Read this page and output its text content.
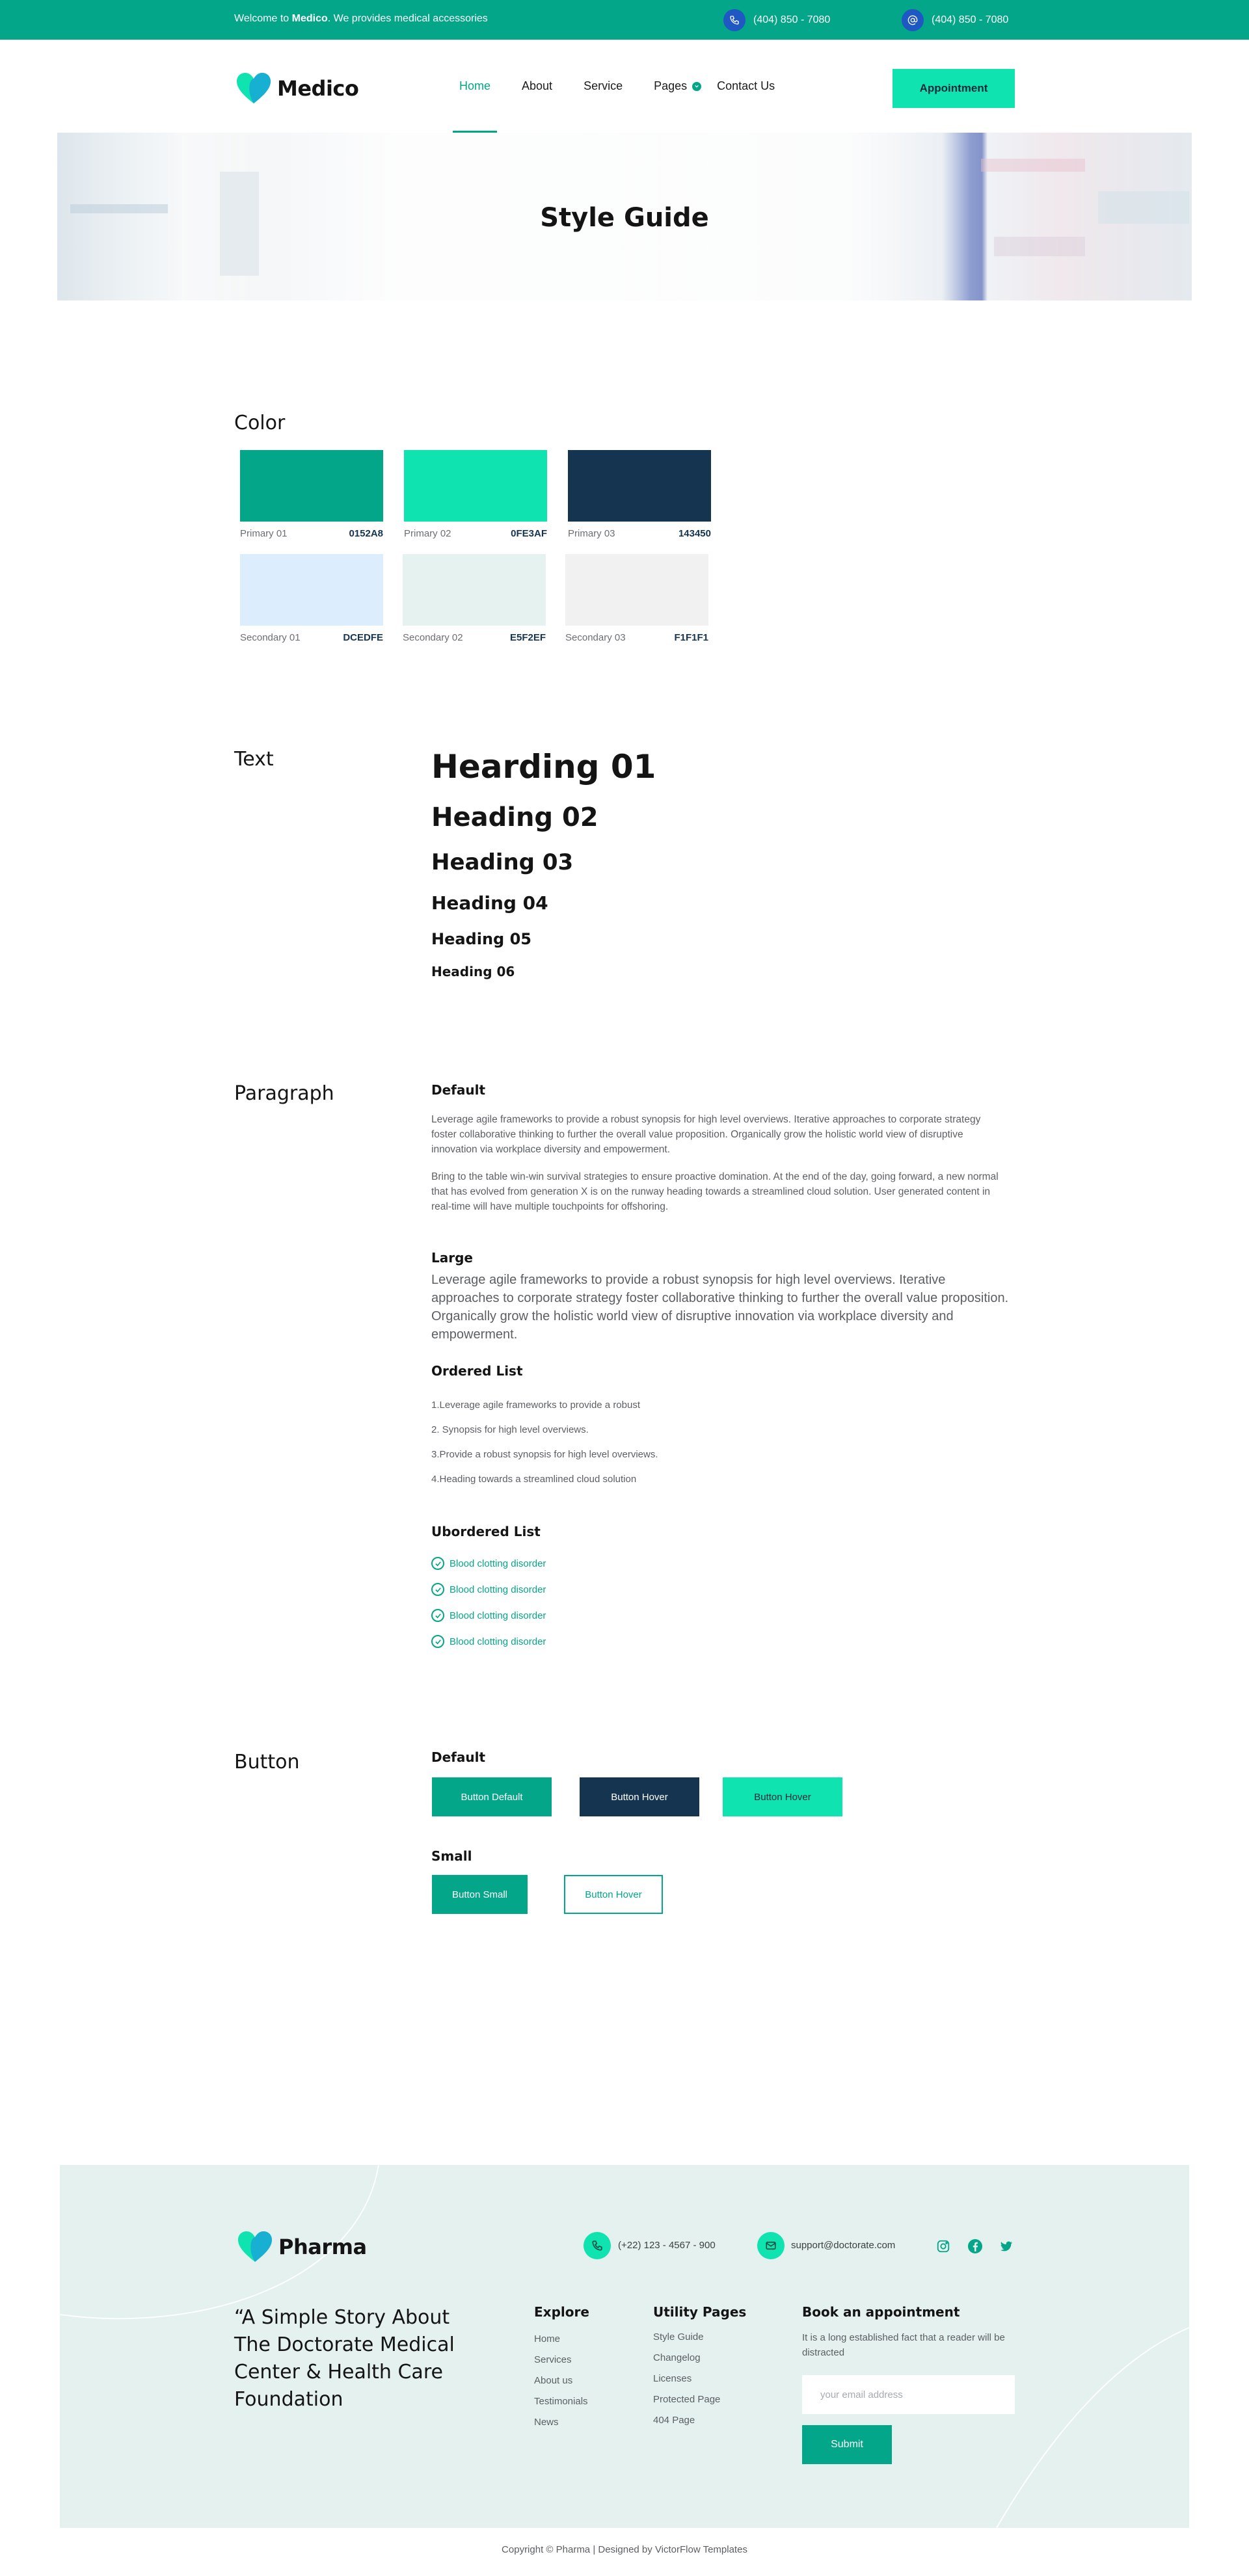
Welcome to Medico. We provides medical accessories	(404) 850 - 7080	(404) 850 - 7080
Medico	Home	About	Service	Pages	Contact Us	Appointment
Style Guide
Color
Primary 01	0152A8 Primary 02	0FE3AF Primary 03	143450
Secondary 01	DCEDFE Secondary 02	E5F2EF Secondary 03	F1F1F1
Text	Hearding 01
Heading 02
Heading 03
Heading 04
Heading 05
Heading 06
Paragraph	Default
Leverage agile frameworks to provide a robust synopsis for high level overviews. Iterative approaches to corporate strategy foster collaborative thinking to further the overall value proposition. Organically grow the holistic world view of disruptive innovation via workplace diversity and empowerment.
Bring to the table win-win survival strategies to ensure proactive domination. At the end of the day, going forward, a new normal that has evolved from generation X is on the runway heading towards a streamlined cloud solution. User generated content in real-time will have multiple touchpoints for offshoring.
Large
Leverage agile frameworks to provide a robust synopsis for high level overviews. Iterative approaches to corporate strategy foster collaborative thinking to further the overall value proposition. Organically grow the holistic world view of disruptive innovation via workplace diversity and empowerment.
Ordered List
1.Leverage agile frameworks to provide a robust
2. Synopsis for high level overviews.
3.Provide a robust synopsis for high level overviews.
4.Heading towards a streamlined cloud solution
Ubordered List
Blood clotting disorder
Blood clotting disorder
Blood clotting disorder
Blood clotting disorder
Button	Default
Button Default	Button Hover	Button Hover
Small
Button Small	Button Hover
Pharma	(+22) 123 - 4567 - 900	support@doctorate.com
“A Simple Story About The Doctorate Medical Center & Health Care Foundation
Explore
Home
Services
About us
Testimonials
News
Utility Pages
Style Guide
Changelog
Licenses
Protected Page
404 Page
Book an appointment
It is a long established fact that a reader will be distracted
your email address
Submit
Copyright © Pharma | Designed by VictorFlow Templates
